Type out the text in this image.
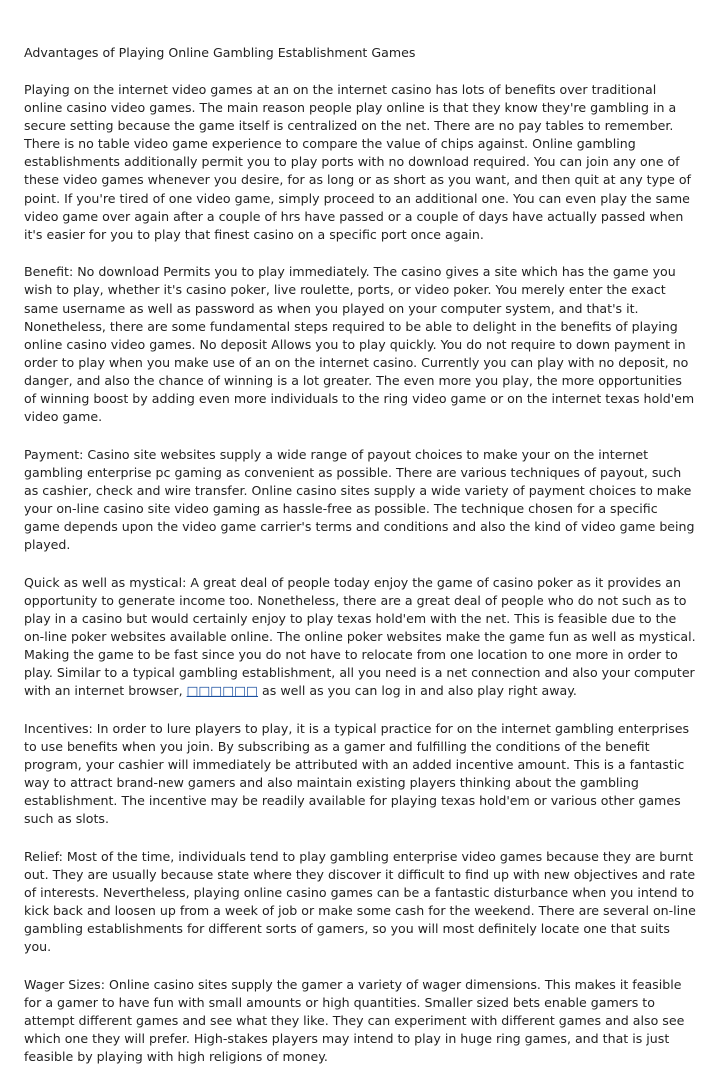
Advantages of Playing Online Gambling Establishment Games

Playing on the internet video games at an on the internet casino has lots of benefits over traditional online casino video games. The main reason people play online is that they know they're gambling in a secure setting because the game itself is centralized on the net. There are no pay tables to remember. There is no table video game experience to compare the value of chips against. Online gambling establishments additionally permit you to play ports with no download required. You can join any one of these video games whenever you desire, for as long or as short as you want, and then quit at any type of point. If you're tired of one video game, simply proceed to an additional one. You can even play the same video game over again after a couple of hrs have passed or a couple of days have actually passed when it's easier for you to play that finest casino on a specific port once again.

Benefit: No download Permits you to play immediately. The casino gives a site which has the game you wish to play, whether it's casino poker, live roulette, ports, or video poker. You merely enter the exact same username as well as password as when you played on your computer system, and that's it. Nonetheless, there are some fundamental steps required to be able to delight in the benefits of playing online casino video games. No deposit Allows you to play quickly. You do not require to down payment in order to play when you make use of an on the internet casino. Currently you can play with no deposit, no danger, and also the chance of winning is a lot greater. The even more you play, the more opportunities of winning boost by adding even more individuals to the ring video game or on the internet texas hold'em video game.

Payment: Casino site websites supply a wide range of payout choices to make your on the internet gambling enterprise pc gaming as convenient as possible. There are various techniques of payout, such as cashier, check and wire transfer. Online casino sites supply a wide variety of payment choices to make your on-line casino site video gaming as hassle-free as possible. The technique chosen for a specific game depends upon the video game carrier's terms and conditions and also the kind of video game being played.

Quick as well as mystical: A great deal of people today enjoy the game of casino poker as it provides an opportunity to generate income too. Nonetheless, there are a great deal of people who do not such as to play in a casino but would certainly enjoy to play texas hold'em with the net. This is feasible due to the on-line poker websites available online. The online poker websites make the game fun as well as mystical. Making the game to be fast since you do not have to relocate from one location to one more in order to play. Similar to a typical gambling establishment, all you need is a net connection and also your computer with an internet browser, □□□□□□ as well as you can log in and also play right away.

Incentives: In order to lure players to play, it is a typical practice for on the internet gambling enterprises to use benefits when you join. By subscribing as a gamer and fulfilling the conditions of the benefit program, your cashier will immediately be attributed with an added incentive amount. This is a fantastic way to attract brand-new gamers and also maintain existing players thinking about the gambling establishment. The incentive may be readily available for playing texas hold'em or various other games such as slots.

Relief: Most of the time, individuals tend to play gambling enterprise video games because they are burnt out. They are usually because state where they discover it difficult to find up with new objectives and rate of interests. Nevertheless, playing online casino games can be a fantastic disturbance when you intend to kick back and loosen up from a week of job or make some cash for the weekend. There are several on-line gambling establishments for different sorts of gamers, so you will most definitely locate one that suits you.

Wager Sizes: Online casino sites supply the gamer a variety of wager dimensions. This makes it feasible for a gamer to have fun with small amounts or high quantities. Smaller sized bets enable gamers to attempt different games and see what they like. They can experiment with different games and also see which one they will prefer. High-stakes players may intend to play in huge ring games, and that is just feasible by playing with high religions of money.
